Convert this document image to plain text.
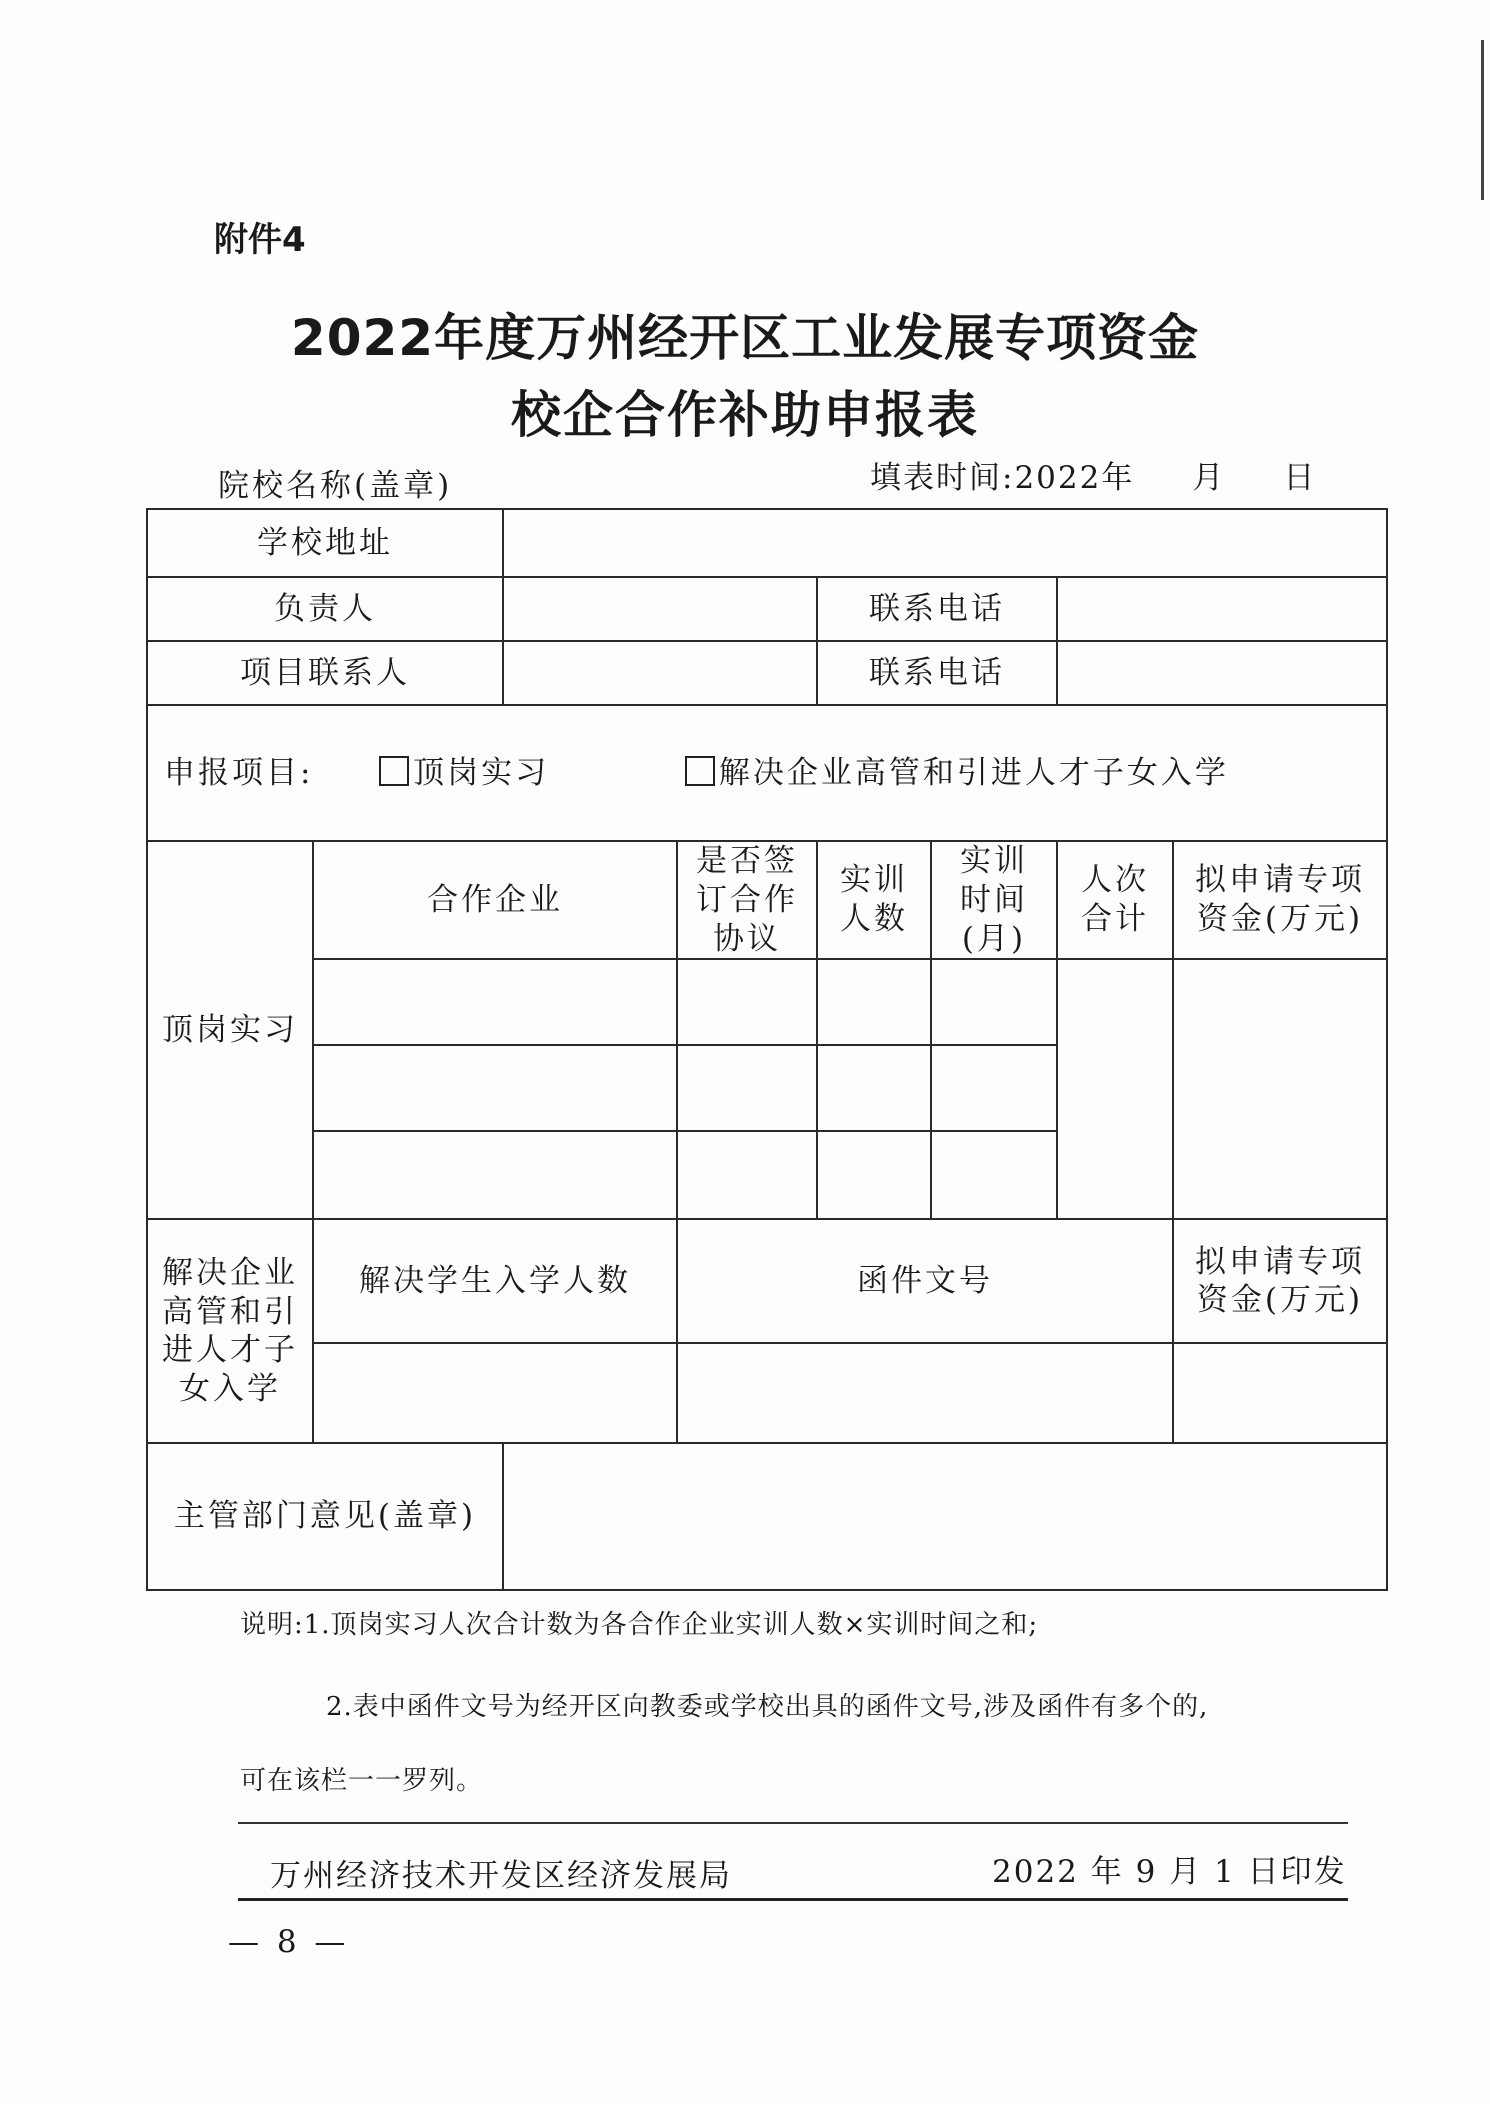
附件4
2022年度万州经开区工业发展专项资金
校企合作补助申报表
院校名称(盖章)	填表时间:2022年 月 日
学校地址							
负责人				联系电话			
项目联系人				联系电话			
申报项目: 顶岗实习 解决企业高管和引进人才子女入学							
顶岗实习	合作企业		是否签订合作协议	实训人数	实训时间(月)	人次合计	拟申请专项资金(万元)

解决企业高管和引进人才子女入学	解决学生入学人数		函件文号				拟申请专项资金(万元)

主管部门意见(盖章)							
说明:1.顶岗实习人次合计数为各合作企业实训人数×实训时间之和;
2.表中函件文号为经开区向教委或学校出具的函件文号,涉及函件有多个的,
可在该栏一一罗列。
万州经济技术开发区经济发展局	2022 年 9 月 1 日印发
— 8 —
